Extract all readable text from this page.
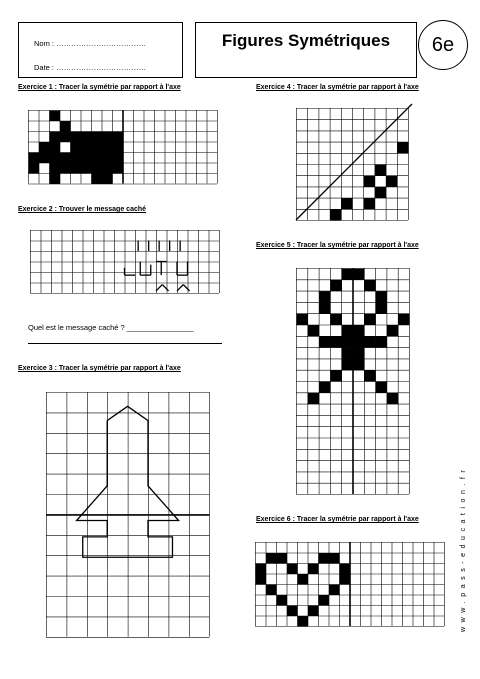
Nom : ………………………………
Date : ………………………………
Figures Symétriques	6e
Exercice 1 : Tracer la symétrie par rapport à l'axe
Exercice 2 : Trouver le message caché
Quel est le message caché ? ________________
Exercice 3 : Tracer la symétrie par rapport à l'axe
Exercice 4 : Tracer la symétrie par rapport à l'axe
Exercice 5 : Tracer la symétrie par rapport à l'axe
Exercice 6 : Tracer la symétrie par rapport à l'axe	w w w . p a s s - e d u c a t i o n . f r
